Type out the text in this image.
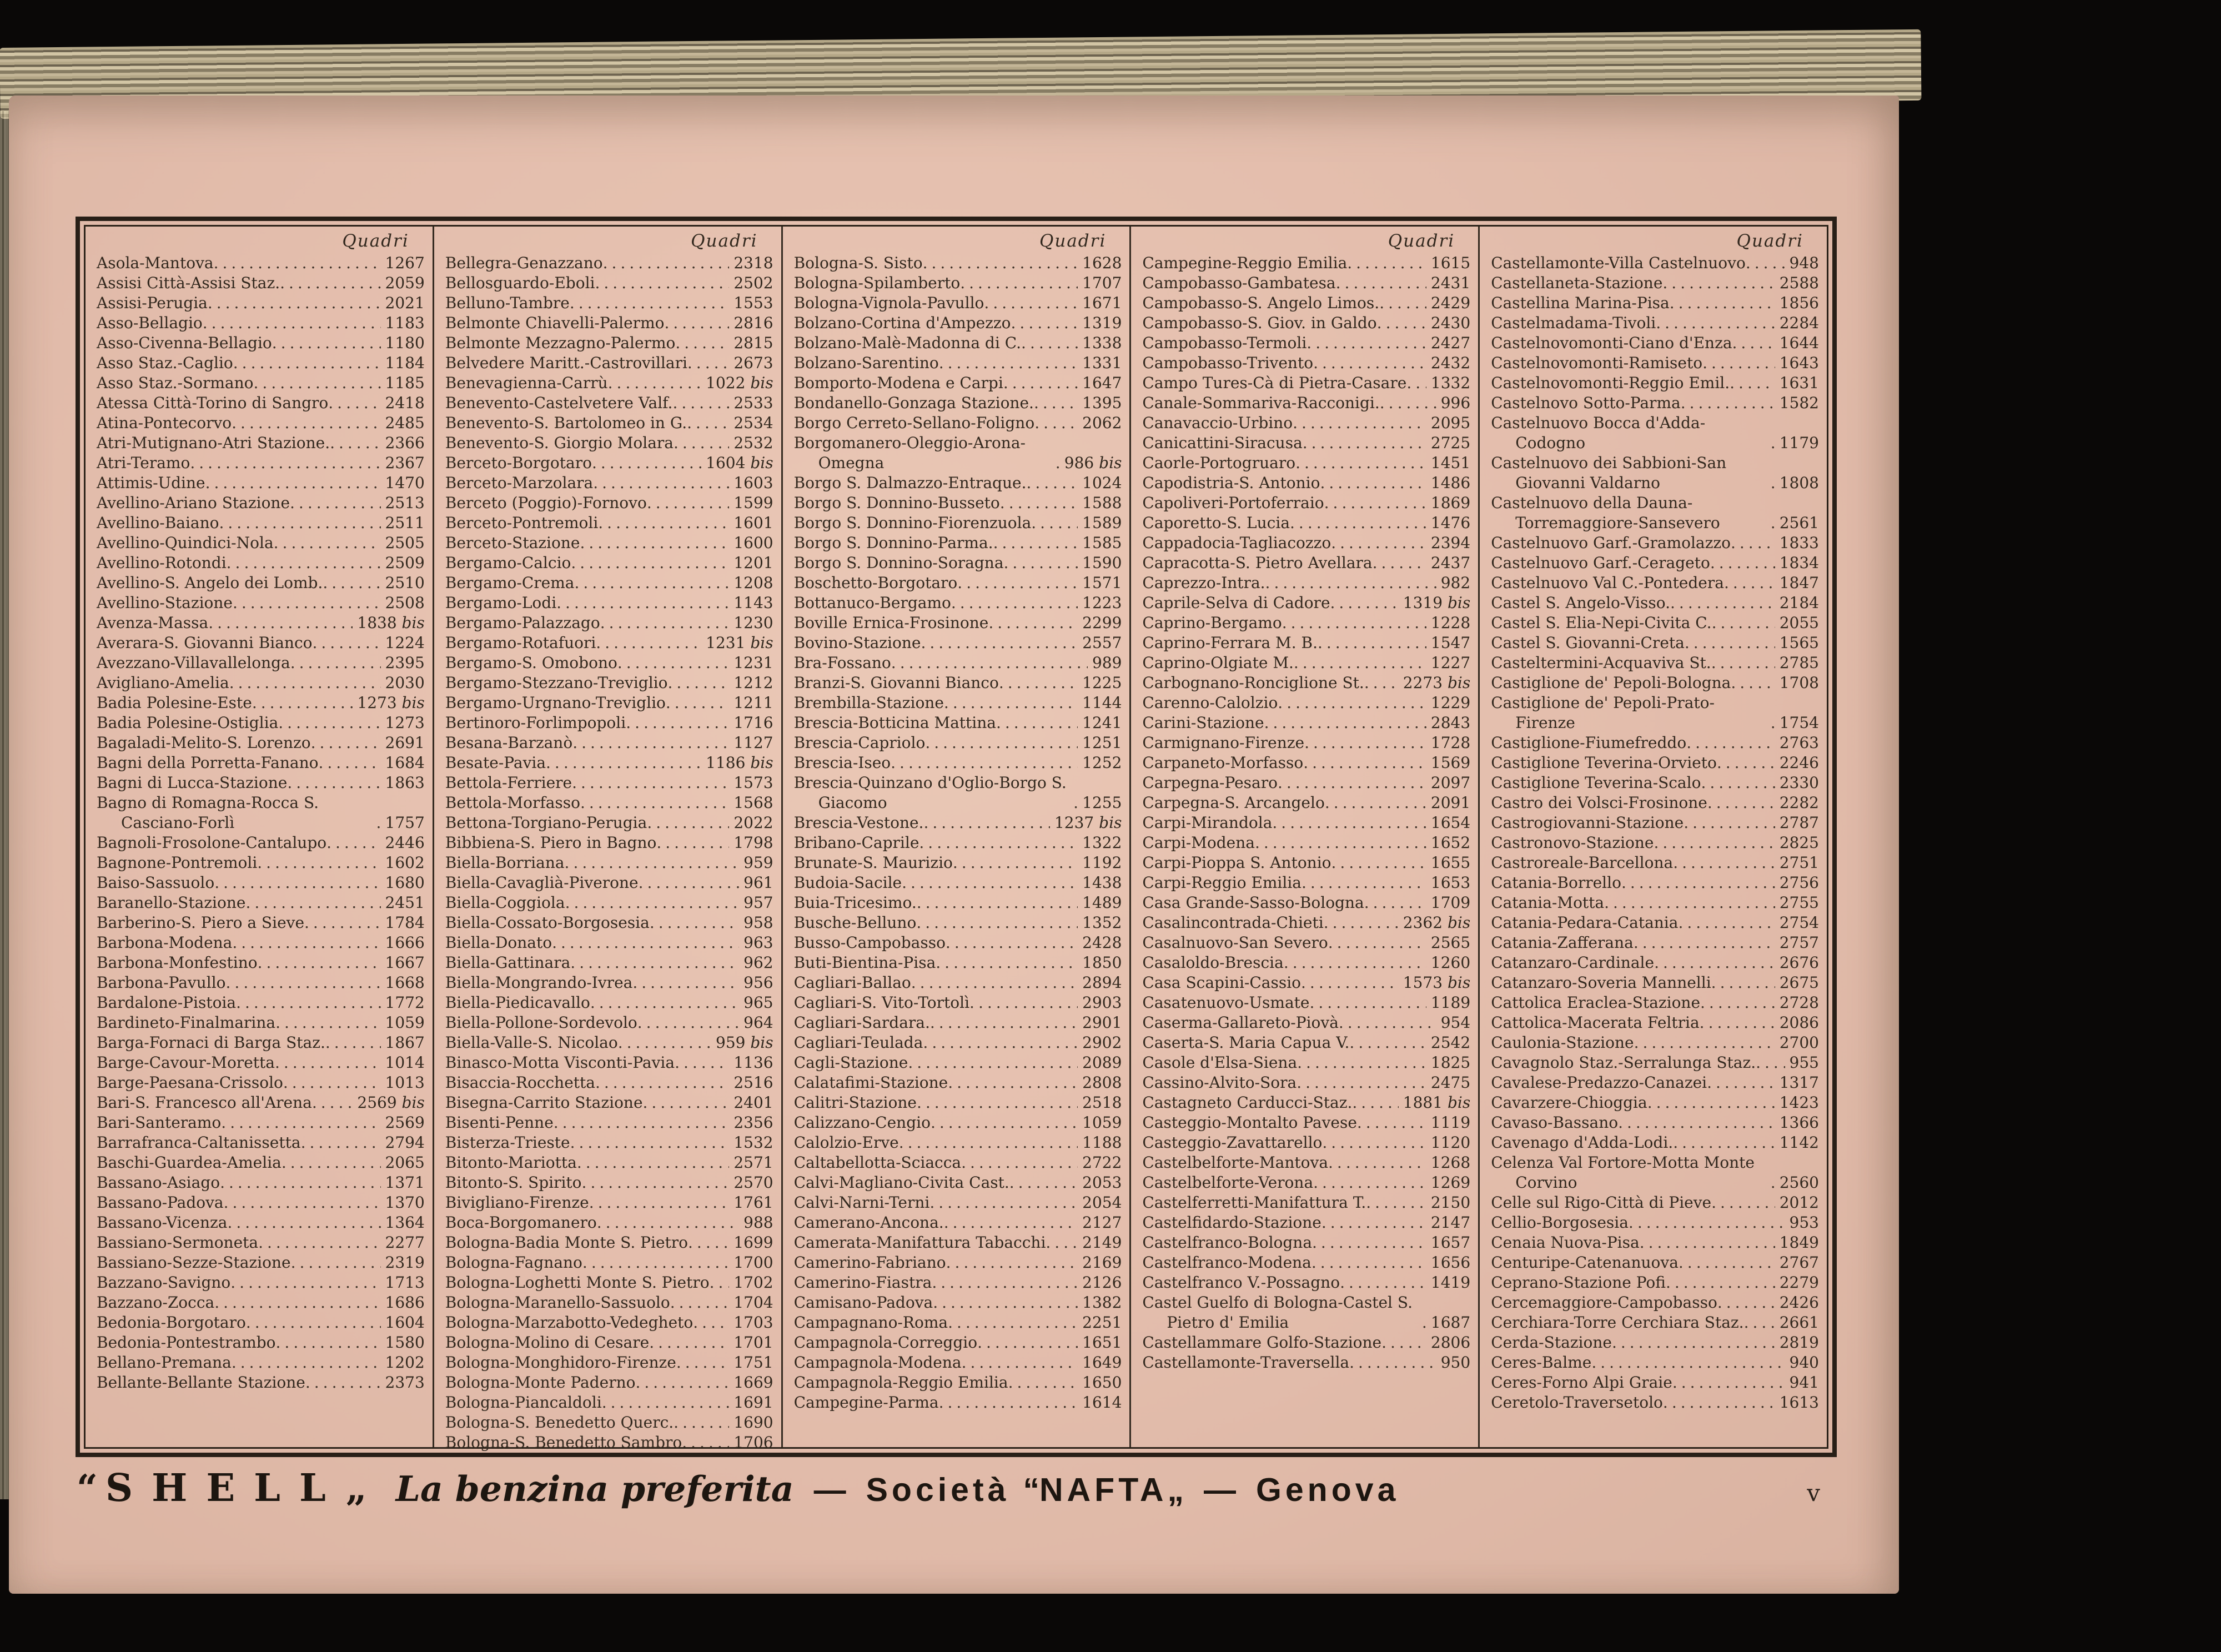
Quadri
Asola-Mantova .....	1267
Assisi Città-Assisi Staz. .....	2059
Assisi-Perugia .....	2021
Asso-Bellagio .....	1183
Asso-Civenna-Bellagio .....	1180
Asso Staz.-Caglio .....	1184
Asso Staz.-Sormano .....	1185
Atessa Città-Torino di Sangro .....	2418
Atina-Pontecorvo .....	2485
Atri-Mutignano-Atri Stazione. .....	2366
Atri-Teramo .....	2367
Attimis-Udine .....	1470
Avellino-Ariano Stazione .....	2513
Avellino-Baiano .....	2511
Avellino-Quindici-Nola .....	2505
Avellino-Rotondi .....	2509
Avellino-S. Angelo dei Lomb. .....	2510
Avellino-Stazione .....	2508
Avenza-Massa .....	1838 bis
Averara-S. Giovanni Bianco .....	1224
Avezzano-Villavallelonga .....	2395
Avigliano-Amelia .....	2030
Badia Polesine-Este .....	1273 bis
Badia Polesine-Ostiglia .....	1273
Bagaladi-Melito-S. Lorenzo .....	2691
Bagni della Porretta-Fanano .....	1684
Bagni di Lucca-Stazione .....	1863
Bagno di Romagna-Rocca S. Casciano-Forlì .....	1757
Bagnoli-Frosolone-Cantalupo .....	2446
Bagnone-Pontremoli .....	1602
Baiso-Sassuolo .....	1680
Baranello-Stazione .....	2451
Barberino-S. Piero a Sieve .....	1784
Barbona-Modena .....	1666
Barbona-Monfestino .....	1667
Barbona-Pavullo .....	1668
Bardalone-Pistoia .....	1772
Bardineto-Finalmarina .....	1059
Barga-Fornaci di Barga Staz. .....	1867
Barge-Cavour-Moretta .....	1014
Barge-Paesana-Crissolo .....	1013
Bari-S. Francesco all'Arena .....	2569 bis
Bari-Santeramo .....	2569
Barrafranca-Caltanissetta .....	2794
Baschi-Guardea-Amelia .....	2065
Bassano-Asiago .....	1371
Bassano-Padova .....	1370
Bassano-Vicenza .....	1364
Bassiano-Sermoneta .....	2277
Bassiano-Sezze-Stazione .....	2319
Bazzano-Savigno .....	1713
Bazzano-Zocca .....	1686
Bedonia-Borgotaro .....	1604
Bedonia-Pontestrambo .....	1580
Bellano-Premana .....	1202
Bellante-Bellante Stazione .....	2373
Quadri
Bellegra-Genazzano .....	2318
Bellosguardo-Eboli .....	2502
Belluno-Tambre .....	1553
Belmonte Chiavelli-Palermo .....	2816
Belmonte Mezzagno-Palermo .....	2815
Belvedere Maritt.-Castrovillari .....	2673
Benevagienna-Carrù .....	1022 bis
Benevento-Castelvetere Valf. .....	2533
Benevento-S. Bartolomeo in G. .....	2534
Benevento-S. Giorgio Molara .....	2532
Berceto-Borgotaro .....	1604 bis
Berceto-Marzolara .....	1603
Berceto (Poggio)-Fornovo .....	1599
Berceto-Pontremoli .....	1601
Berceto-Stazione .....	1600
Bergamo-Calcio .....	1201
Bergamo-Crema .....	1208
Bergamo-Lodi .....	1143
Bergamo-Palazzago .....	1230
Bergamo-Rotafuori .....	1231 bis
Bergamo-S. Omobono .....	1231
Bergamo-Stezzano-Treviglio .....	1212
Bergamo-Urgnano-Treviglio .....	1211
Bertinoro-Forlimpopoli .....	1716
Besana-Barzanò .....	1127
Besate-Pavia .....	1186 bis
Bettola-Ferriere .....	1573
Bettola-Morfasso .....	1568
Bettona-Torgiano-Perugia .....	2022
Bibbiena-S. Piero in Bagno .....	1798
Biella-Borriana .....	959
Biella-Cavaglià-Piverone .....	961
Biella-Coggiola .....	957
Biella-Cossato-Borgosesia .....	958
Biella-Donato .....	963
Biella-Gattinara .....	962
Biella-Mongrando-Ivrea .....	956
Biella-Piedicavallo .....	965
Biella-Pollone-Sordevolo .....	964
Biella-Valle-S. Nicolao .....	959 bis
Binasco-Motta Visconti-Pavia .....	1136
Bisaccia-Rocchetta .....	2516
Bisegna-Carrito Stazione .....	2401
Bisenti-Penne .....	2356
Bisterza-Trieste .....	1532
Bitonto-Mariotta .....	2571
Bitonto-S. Spirito .....	2570
Bivigliano-Firenze .....	1761
Boca-Borgomanero .....	988
Bologna-Badia Monte S. Pietro .....	1699
Bologna-Fagnano .....	1700
Bologna-Loghetti Monte S. Pietro ..... 1702
Bologna-Maranello-Sassuolo .....	1704
Bologna-Marzabotto-Vedegheto .....	1703
Bologna-Molino di Cesare .....	1701
Bologna-Monghidoro-Firenze .....	1751
Bologna-Monte Paderno .....	1669
Bologna-Piancaldoli .....	1691
Bologna-S. Benedetto Querc. .....	1690
Bologna-S. Benedetto Sambro .....	1706
Quadri
Bologna-S. Sisto .....	1628
Bologna-Spilamberto .....	1707
Bologna-Vignola-Pavullo .....	1671
Bolzano-Cortina d'Ampezzo .....	1319
Bolzano-Malè-Madonna di C. .....	1338
Bolzano-Sarentino .....	1331
Bomporto-Modena e Carpi .....	1647
Bondanello-Gonzaga Stazione. .....	1395
Borgo Cerreto-Sellano-Foligno .....	2062
Borgomanero-Oleggio-Arona-Omegna .....	986 bis
Borgo S. Dalmazzo-Entraque. .....	1024
Borgo S. Donnino-Busseto .....	1588
Borgo S. Donnino-Fiorenzuola .....	1589
Borgo S. Donnino-Parma. .....	1585
Borgo S. Donnino-Soragna .....	1590
Boschetto-Borgotaro .....	1571
Bottanuco-Bergamo .....	1223
Boville Ernica-Frosinone .....	2299
Bovino-Stazione .....	2557
Bra-Fossano .....	989
Branzi-S. Giovanni Bianco .....	1225
Brembilla-Stazione .....	1144
Brescia-Botticina Mattina .....	1241
Brescia-Capriolo .....	1251
Brescia-Iseo .....	1252
Brescia-Quinzano d'Oglio-Borgo S. Giacomo .....	1255
Brescia-Vestone. .....	1237 bis
Bribano-Caprile .....	1322
Brunate-S. Maurizio .....	1192
Budoia-Sacile .....	1438
Buia-Tricesimo. .....	1489
Busche-Belluno .....	1352
Busso-Campobasso .....	2428
Buti-Bientina-Pisa .....	1850
Cagliari-Ballao .....	2894
Cagliari-S. Vito-Tortolì .....	2903
Cagliari-Sardara. .....	2901
Cagliari-Teulada .....	2902
Cagli-Stazione .....	2089
Calatafimi-Stazione .....	2808
Calitri-Stazione .....	2518
Calizzano-Cengio .....	1059
Calolzio-Erve .....	1188
Caltabellotta-Sciacca .....	2722
Calvi-Magliano-Civita Cast. .....	2053
Calvi-Narni-Terni .....	2054
Camerano-Ancona. .....	2127
Camerata-Manifattura Tabacchi ..... 2149
Camerino-Fabriano .....	2169
Camerino-Fiastra .....	2126
Camisano-Padova .....	1382
Campagnano-Roma .....	2251
Campagnola-Correggio .....	1651
Campagnola-Modena .....	1649
Campagnola-Reggio Emilia .....	1650
Campegine-Parma .....	1614
Quadri
Campegine-Reggio Emilia .....	1615
Campobasso-Gambatesa .....	2431
Campobasso-S. Angelo Limos. .....	2429
Campobasso-S. Giov. in Galdo .....	2430
Campobasso-Termoli .....	2427
Campobasso-Trivento .....	2432
Campo Tures-Cà di Pietra-Casare ..... 1332
Canale-Sommariva-Racconigi. .....	996
Canavaccio-Urbino .....	2095
Canicattini-Siracusa .....	2725
Caorle-Portogruaro .....	1451
Capodistria-S. Antonio .....	1486
Capoliveri-Portoferraio .....	1869
Caporetto-S. Lucia .....	1476
Cappadocia-Tagliacozzo .....	2394
Capracotta-S. Pietro Avellara .....	2437
Caprezzo-Intra. .....	982
Caprile-Selva di Cadore .....	1319 bis
Caprino-Bergamo .....	1228
Caprino-Ferrara M. B. .....	1547
Caprino-Olgiate M. .....	1227
Carbognano-Ronciglione St. ..... 2273 bis
Carenno-Calolzio .....	1229
Carini-Stazione .....	2843
Carmignano-Firenze .....	1728
Carpaneto-Morfasso .....	1569
Carpegna-Pesaro .....	2097
Carpegna-S. Arcangelo .....	2091
Carpi-Mirandola .....	1654
Carpi-Modena .....	1652
Carpi-Pioppa S. Antonio .....	1655
Carpi-Reggio Emilia .....	1653
Casa Grande-Sasso-Bologna .....	1709
Casalincontrada-Chieti .....	2362 bis
Casalnuovo-San Severo .....	2565
Casaloldo-Brescia .....	1260
Casa Scapini-Cassio .....	1573 bis
Casatenuovo-Usmate .....	1189
Caserma-Gallareto-Piovà .....	954
Caserta-S. Maria Capua V. .....	2542
Casole d'Elsa-Siena .....	1825
Cassino-Alvito-Sora .....	2475
Castagneto Carducci-Staz. .....	1881 bis
Casteggio-Montalto Pavese .....	1119
Casteggio-Zavattarello .....	1120
Castelbelforte-Mantova .....	1268
Castelbelforte-Verona .....	1269
Castelferretti-Manifattura T. .....	2150
Castelfidardo-Stazione .....	2147
Castelfranco-Bologna .....	1657
Castelfranco-Modena .....	1656
Castelfranco V.-Possagno .....	1419
Castel Guelfo di Bologna-Castel S. Pietro d' Emilia .....	1687
Castellammare Golfo-Stazione .....	2806
Castellamonte-Traversella .....	950
Quadri
Castellamonte-Villa Castelnuovo .....	948
Castellaneta-Stazione .....	2588
Castellina Marina-Pisa .....	1856
Castelmadama-Tivoli .....	2284
Castelnovomonti-Ciano d'Enza .....	1644
Castelnovomonti-Ramiseto .....	1643
Castelnovomonti-Reggio Emil. .....	1631
Castelnovo Sotto-Parma .....	1582
Castelnuovo Bocca d'Adda-Codogno .....	1179
Castelnuovo dei Sabbioni-San Giovanni Valdarno .....	1808
Castelnuovo della Dauna-Torremaggiore-Sansevero .....	2561
Castelnuovo Garf.-Gramolazzo .....	1833
Castelnuovo Garf.-Cerageto .....	1834
Castelnuovo Val C.-Pontedera .....	1847
Castel S. Angelo-Visso. .....	2184
Castel S. Elia-Nepi-Civita C. .....	2055
Castel S. Giovanni-Creta .....	1565
Casteltermini-Acquaviva St. .....	2785
Castiglione de' Pepoli-Bologna .....	1708
Castiglione de' Pepoli-Prato-Firenze .....	1754
Castiglione-Fiumefreddo .....	2763
Castiglione Teverina-Orvieto .....	2246
Castiglione Teverina-Scalo .....	2330
Castro dei Volsci-Frosinone .....	2282
Castrogiovanni-Stazione .....	2787
Castronovo-Stazione .....	2825
Castroreale-Barcellona .....	2751
Catania-Borrello .....	2756
Catania-Motta .....	2755
Catania-Pedara-Catania .....	2754
Catania-Zafferana .....	2757
Catanzaro-Cardinale .....	2676
Catanzaro-Soveria Mannelli .....	2675
Cattolica Eraclea-Stazione .....	2728
Cattolica-Macerata Feltria .....	2086
Caulonia-Stazione .....	2700
Cavagnolo Staz.-Serralunga Staz. ..... 955
Cavalese-Predazzo-Canazei .....	1317
Cavarzere-Chioggia .....	1423
Cavaso-Bassano .....	1366
Cavenago d'Adda-Lodi. .....	1142
Celenza Val Fortore-Motta Monte Corvino .....	2560
Celle sul Rigo-Città di Pieve .....	2012
Cellio-Borgosesia .....	953
Cenaia Nuova-Pisa .....	1849
Centuripe-Catenanuova .....	2767
Ceprano-Stazione Pofi .....	2279
Cercemaggiore-Campobasso .....	2426
Cerchiara-Torre Cerchiara Staz. ..... 2661
Cerda-Stazione .....	2819
Ceres-Balme .....	940
Ceres-Forno Alpi Graie .....	941
Ceretolo-Traversetolo .....	1613
“ SHELL „ La benzina preferita — Società “ NAFTA „ — Genova	v
